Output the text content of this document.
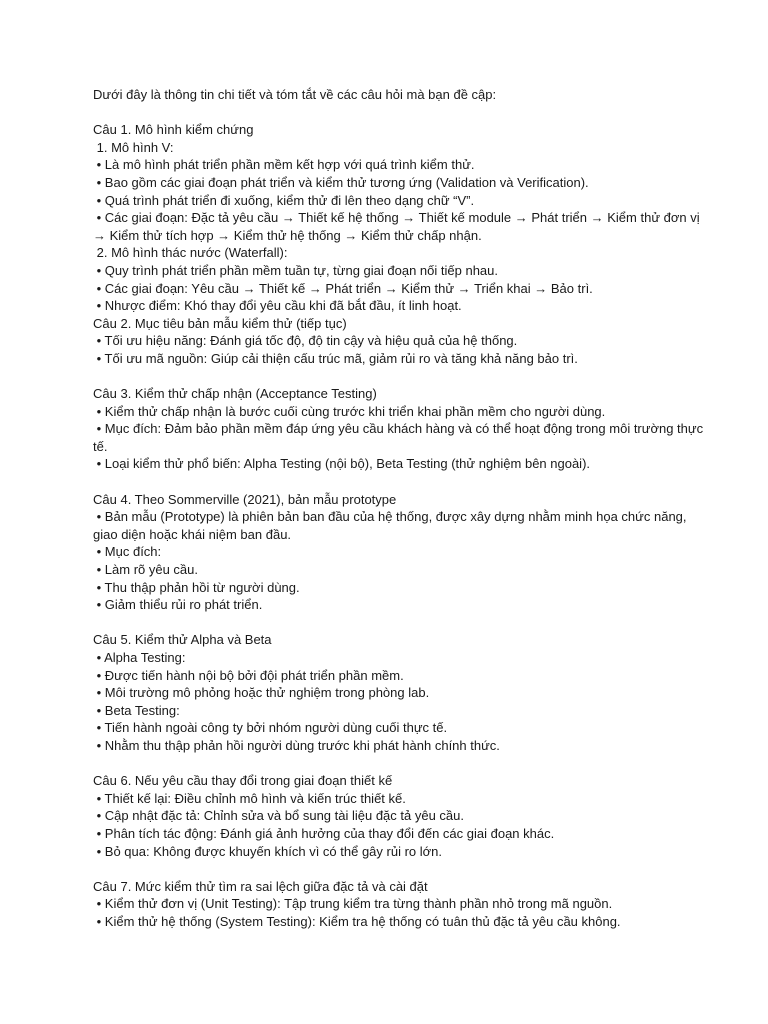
Dưới đây là thông tin chi tiết và tóm tắt về các câu hỏi mà bạn đề cập:
Câu 1. Mô hình kiểm chứng
1. Mô hình V:
• Là mô hình phát triển phần mềm kết hợp với quá trình kiểm thử.
• Bao gồm các giai đoạn phát triển và kiểm thử tương ứng (Validation và Verification).
• Quá trình phát triển đi xuống, kiểm thử đi lên theo dạng chữ “V”.
• Các giai đoạn: Đặc tả yêu cầu → Thiết kế hệ thống → Thiết kế module → Phát triển → Kiểm thử đơn vị → Kiểm thử tích hợp → Kiểm thử hệ thống → Kiểm thử chấp nhận.
2. Mô hình thác nước (Waterfall):
• Quy trình phát triển phần mềm tuần tự, từng giai đoạn nối tiếp nhau.
• Các giai đoạn: Yêu cầu → Thiết kế → Phát triển → Kiểm thử → Triển khai → Bảo trì.
• Nhược điểm: Khó thay đổi yêu cầu khi đã bắt đầu, ít linh hoạt.
Câu 2. Mục tiêu bản mẫu kiểm thử (tiếp tục)
• Tối ưu hiệu năng: Đánh giá tốc độ, độ tin cậy và hiệu quả của hệ thống.
• Tối ưu mã nguồn: Giúp cải thiện cấu trúc mã, giảm rủi ro và tăng khả năng bảo trì.
Câu 3. Kiểm thử chấp nhận (Acceptance Testing)
• Kiểm thử chấp nhận là bước cuối cùng trước khi triển khai phần mềm cho người dùng.
• Mục đích: Đảm bảo phần mềm đáp ứng yêu cầu khách hàng và có thể hoạt động trong môi trường thực tế.
• Loại kiểm thử phổ biến: Alpha Testing (nội bộ), Beta Testing (thử nghiệm bên ngoài).
Câu 4. Theo Sommerville (2021), bản mẫu prototype
• Bản mẫu (Prototype) là phiên bản ban đầu của hệ thống, được xây dựng nhằm minh họa chức năng, giao diện hoặc khái niệm ban đầu.
• Mục đích:
• Làm rõ yêu cầu.
• Thu thập phản hồi từ người dùng.
• Giảm thiểu rủi ro phát triển.
Câu 5. Kiểm thử Alpha và Beta
• Alpha Testing:
• Được tiến hành nội bộ bởi đội phát triển phần mềm.
• Môi trường mô phỏng hoặc thử nghiệm trong phòng lab.
• Beta Testing:
• Tiến hành ngoài công ty bởi nhóm người dùng cuối thực tế.
• Nhằm thu thập phản hồi người dùng trước khi phát hành chính thức.
Câu 6. Nếu yêu cầu thay đổi trong giai đoạn thiết kế
• Thiết kế lại: Điều chỉnh mô hình và kiến trúc thiết kế.
• Cập nhật đặc tả: Chỉnh sửa và bổ sung tài liệu đặc tả yêu cầu.
• Phân tích tác động: Đánh giá ảnh hưởng của thay đổi đến các giai đoạn khác.
• Bỏ qua: Không được khuyến khích vì có thể gây rủi ro lớn.
Câu 7. Mức kiểm thử tìm ra sai lệch giữa đặc tả và cài đặt
• Kiểm thử đơn vị (Unit Testing): Tập trung kiểm tra từng thành phần nhỏ trong mã nguồn.
• Kiểm thử hệ thống (System Testing): Kiểm tra hệ thống có tuân thủ đặc tả yêu cầu không.
